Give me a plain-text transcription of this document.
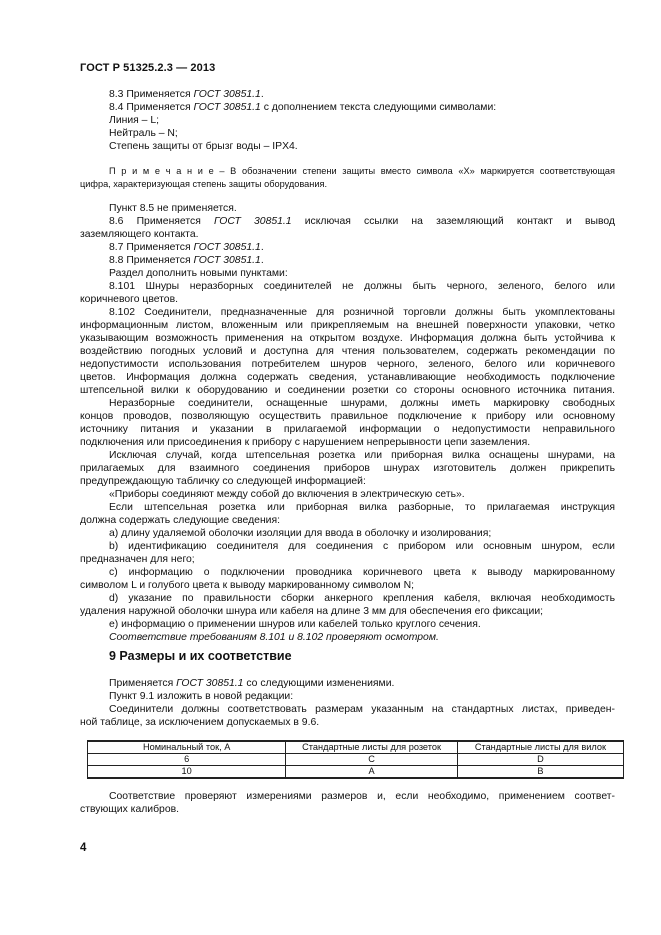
ГОСТ Р 51325.2.3 — 2013
8.3 Применяется ГОСТ 30851.1.
8.4 Применяется ГОСТ 30851.1 с дополнением текста следующими символами:
Линия – L;
Нейтраль – N;
Степень защиты от брызг воды – IPX4.
П р и м е ч а н и е – В обозначении степени защиты вместо символа «Х» маркируется соответствующая
цифра, характеризующая степень защиты оборудования.
Пункт 8.5 не применяется.
8.6 Применяется ГОСТ 30851.1 исключая ссылки на заземляющий контакт и вывод
заземляющего контакта.
8.7 Применяется ГОСТ 30851.1.
8.8 Применяется ГОСТ 30851.1.
Раздел дополнить новыми пунктами:
8.101 Шнуры неразборных соединителей не должны быть черного, зеленого, белого или
коричневого цветов.
8.102 Соединители, предназначенные для розничной торговли должны быть укомплектованы
информационным листом, вложенным или прикрепляемым на внешней поверхности упаковки, четко
указывающим возможность применения на открытом воздухе. Информация должна быть устойчива к
воздействию погодных условий и доступна для чтения пользователем, содержать рекомендации по
недопустимости использования потребителем шнуров черного, зеленого, белого или коричневого
цветов. Информация должна содержать сведения, устанавливающие необходимость подключение
штепсельной вилки к оборудованию и соединении розетки со стороны основного источника питания.
Неразборные соединители, оснащенные шнурами, должны иметь маркировку свободных
концов проводов, позволяющую осуществить правильное подключение к прибору или основному
источнику питания и указании в прилагаемой информации о недопустимости неправильного
подключения или присоединения к прибору с нарушением непрерывности цепи заземления.
Исключая случай, когда штепсельная розетка или приборная вилка оснащены шнурами, на
прилагаемых для взаимного соединения приборов шнурах изготовитель должен прикрепить
предупреждающую табличку со следующей информацией:
«Приборы соединяют между собой до включения в электрическую сеть».
Если штепсельная розетка или приборная вилка разборные, то прилагаемая инструкция
должна содержать следующие сведения:
а) длину удаляемой оболочки изоляции для ввода в оболочку и изолирования;
b) идентификацию соединителя для соединения с прибором или основным шнуром, если
предназначен для него;
с) информацию о подключении проводника коричневого цвета к выводу маркированному
символом L и голубого цвета к выводу маркированному символом N;
d) указание по правильности сборки анкерного крепления кабеля, включая необходимость
удаления наружной оболочки шнура или кабеля на длине 3 мм для обеспечения его фиксации;
е) информацию о применении шнуров или кабелей только круглого сечения.
Соответствие требованиям 8.101 и 8.102 проверяют осмотром.
9 Размеры и их соответствие
Применяется ГОСТ 30851.1 со следующими изменениями.
Пункт 9.1 изложить в новой редакции:
Соединители должны соответствовать размерам указанным на стандартных листах, приведен-
ной таблице, за исключением допускаемых в 9.6.
Номинальный ток, А	Стандартные листы для розеток	Стандартные листы для вилок
6	С	D
10	А	В
Соответствие проверяют измерениями размеров и, если необходимо, применением соответ-
ствующих калибров.
4
